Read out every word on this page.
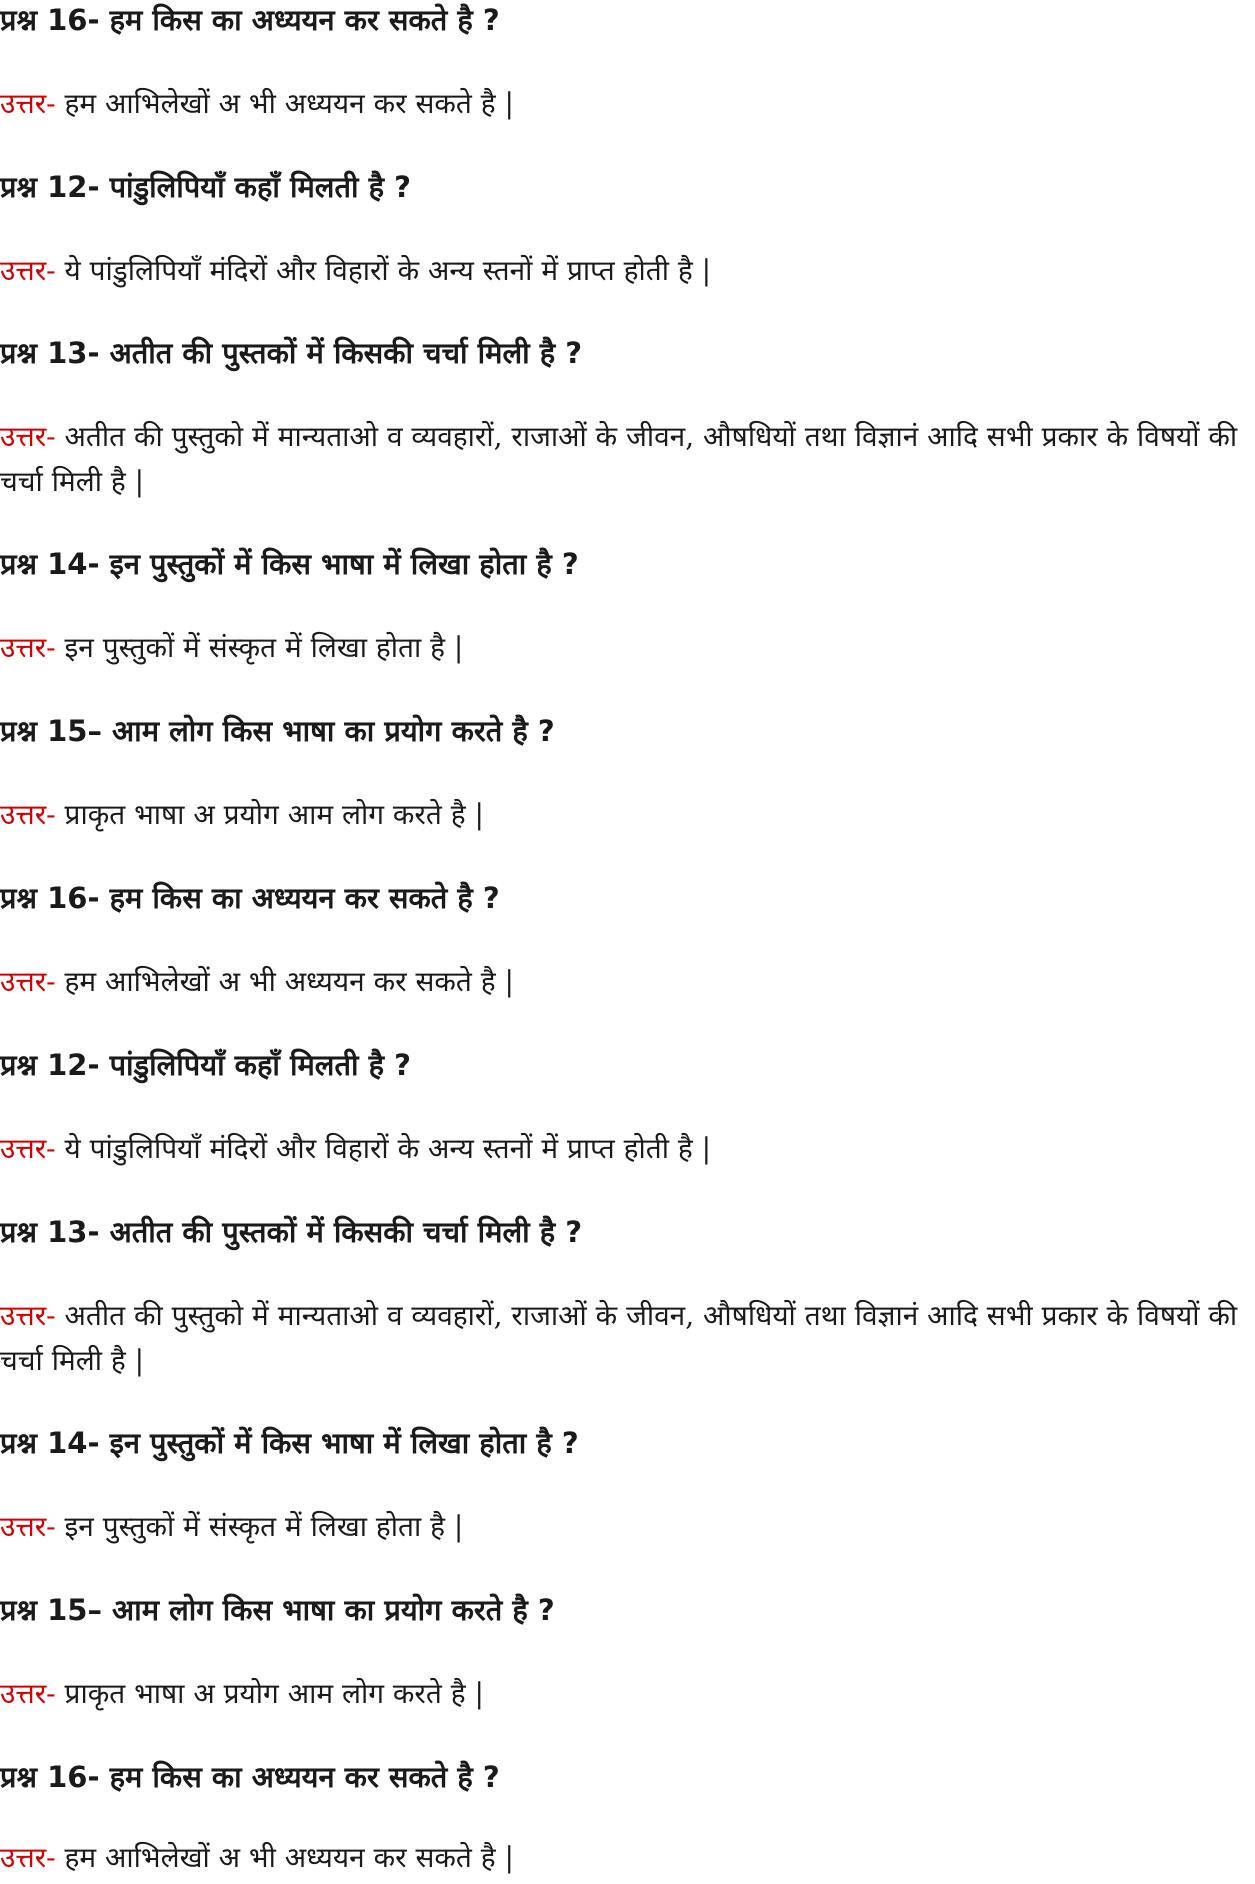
प्रश्न 16- हम किस का अध्ययन कर सकते है ?

उत्तर- हम आभिलेखों अ भी अध्ययन कर सकते है |

प्रश्न 12- पांडुलिपियाँ कहाँ मिलती है ?

उत्तर- ये पांडुलिपियाँ मंदिरों और विहारों के अन्य स्तनों में प्राप्त होती है |

प्रश्न 13- अतीत की पुस्तकों में किसकी चर्चा मिली है ?

उत्तर- अतीत की पुस्तुको में मान्यताओ व व्यवहारों, राजाओं के जीवन, औषधियों तथा विज्ञानं आदि सभी प्रकार के विषयों की चर्चा मिली है |

प्रश्न 14- इन पुस्तुकों में किस भाषा में लिखा होता है ?

उत्तर- इन पुस्तुकों में संस्कृत में लिखा होता है |

प्रश्न 15– आम लोग किस भाषा का प्रयोग करते है ?

उत्तर- प्राकृत भाषा अ प्रयोग आम लोग करते है |

प्रश्न 16- हम किस का अध्ययन कर सकते है ?

उत्तर- हम आभिलेखों अ भी अध्ययन कर सकते है |

प्रश्न 12- पांडुलिपियाँ कहाँ मिलती है ?

उत्तर- ये पांडुलिपियाँ मंदिरों और विहारों के अन्य स्तनों में प्राप्त होती है |

प्रश्न 13- अतीत की पुस्तकों में किसकी चर्चा मिली है ?

उत्तर- अतीत की पुस्तुको में मान्यताओ व व्यवहारों, राजाओं के जीवन, औषधियों तथा विज्ञानं आदि सभी प्रकार के विषयों की चर्चा मिली है |

प्रश्न 14- इन पुस्तुकों में किस भाषा में लिखा होता है ?

उत्तर- इन पुस्तुकों में संस्कृत में लिखा होता है |

प्रश्न 15– आम लोग किस भाषा का प्रयोग करते है ?

उत्तर- प्राकृत भाषा अ प्रयोग आम लोग करते है |

प्रश्न 16- हम किस का अध्ययन कर सकते है ?

उत्तर- हम आभिलेखों अ भी अध्ययन कर सकते है |
